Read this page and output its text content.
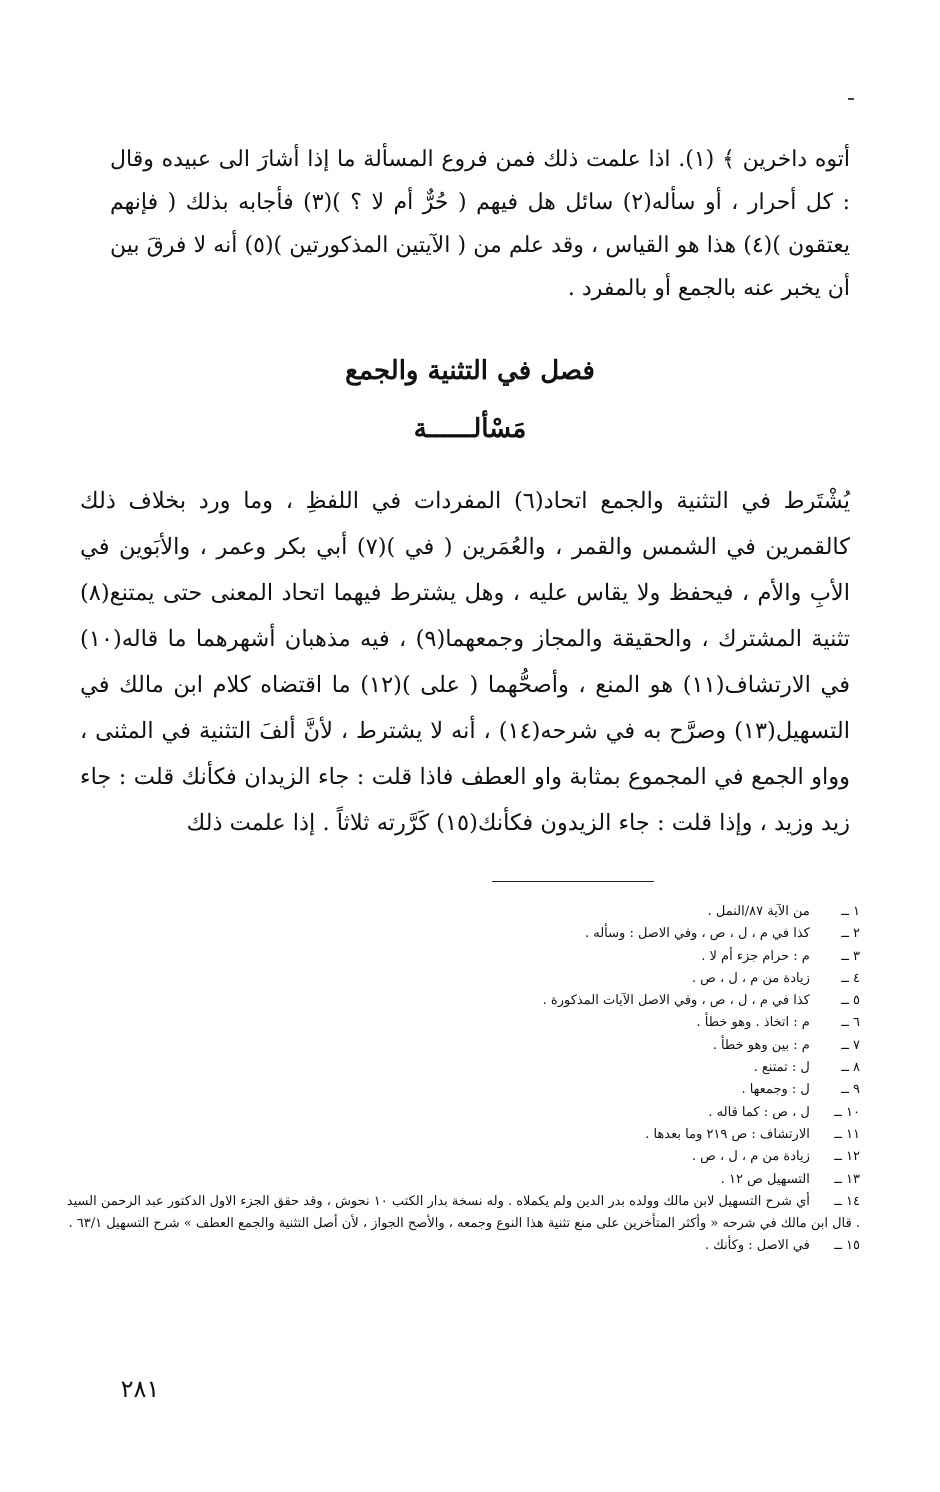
أتوه داخرين ﴾ (١). اذا علمت ذلك فمن فروع المسألة ما إذا أشارَ الى عبيده وقال : كل أحرار ، أو سأله(٢) سائل هل فيهم ( حُرٌّ أم لا ؟ )(٣) فأجابه بذلك ( فإنهم يعتقون )(٤) هذا هو القياس ، وقد علم من ( الآيتين المذكورتين )(٥) أنه لا فرقَ بين أن يخبر عنه بالجمع أو بالمفرد .

فصل في التثنية والجمع
مَسْألــــــة

يُشْتَرط في التثنية والجمع اتحاد(٦) المفردات في اللفظِ ، وما ورد بخلاف ذلك كالقمرين في الشمس والقمر ، والعُمَرين ( في )(٧) أبي بكر وعمر ، والأبَوين في الأبِ والأم ، فيحفظ ولا يقاس عليه ، وهل يشترط فيهما اتحاد المعنى حتى يمتنع(٨) تثنية المشترك ، والحقيقة والمجاز وجمعهما(٩) ، فيه مذهبان أشهرهما ما قاله(١٠) في الارتشاف(١١) هو المنع ، وأصحُّهما ( على )(١٢) ما اقتضاه كلام ابن مالك في التسهيل(١٣) وصرَّح به في شرحه(١٤) ، أنه لا يشترط ، لأنَّ ألفَ التثنية في المثنى ، وواو الجمع في المجموع بمثابة واو العطف فاذا قلت : جاء الزيدان فكأنك قلت : جاء زيد وزيد ، وإذا قلت : جاء الزيدون فكأنك(١٥) كَرَّرته ثلاثاً . إذا علمت ذلك

١ ــ من الآية ٨٧/النمل .
٢ ــ كذا في م ، ل ، ص ، وفي الاصل : وسأله .
٣ ــ م : حرام جزء أم لا .
٤ ــ زيادة من م ، ل ، ص .
٥ ــ كذا في م ، ل ، ص ، وفي الاصل الآيات المذكورة .
٦ ــ م : اتخاذ . وهو خطأ .
٧ ــ م : بين وهو خطأ .
٨ ــ ل : تمتنع .
٩ ــ ل : وجمعها .
١٠ ــ ل ، ص : كما قاله .
١١ ــ الارتشاف : ص ٢١٩ وما بعدها .
١٢ ــ زيادة من م ، ل ، ص .
١٣ ــ التسهيل ص ١٢ .
١٤ ــ أي شرح التسهيل لابن مالك وولده بدر الدين ولم يكملاه . وله نسخة بدار الكتب ١٠ نحوش ، وقد حقق الجزء الاول الدكتور عبد الرحمن السيد . قال ابن مالك في شرحه « وأكثر المتأخرين على منع تثنية هذا النوع وجمعه ، والأصح الجواز ، لأن أصل التثنية والجمع العطف » شرح التسهيل ٦٣/١ .
١٥ ــ في الاصل : وكأنك .
٢٨١
